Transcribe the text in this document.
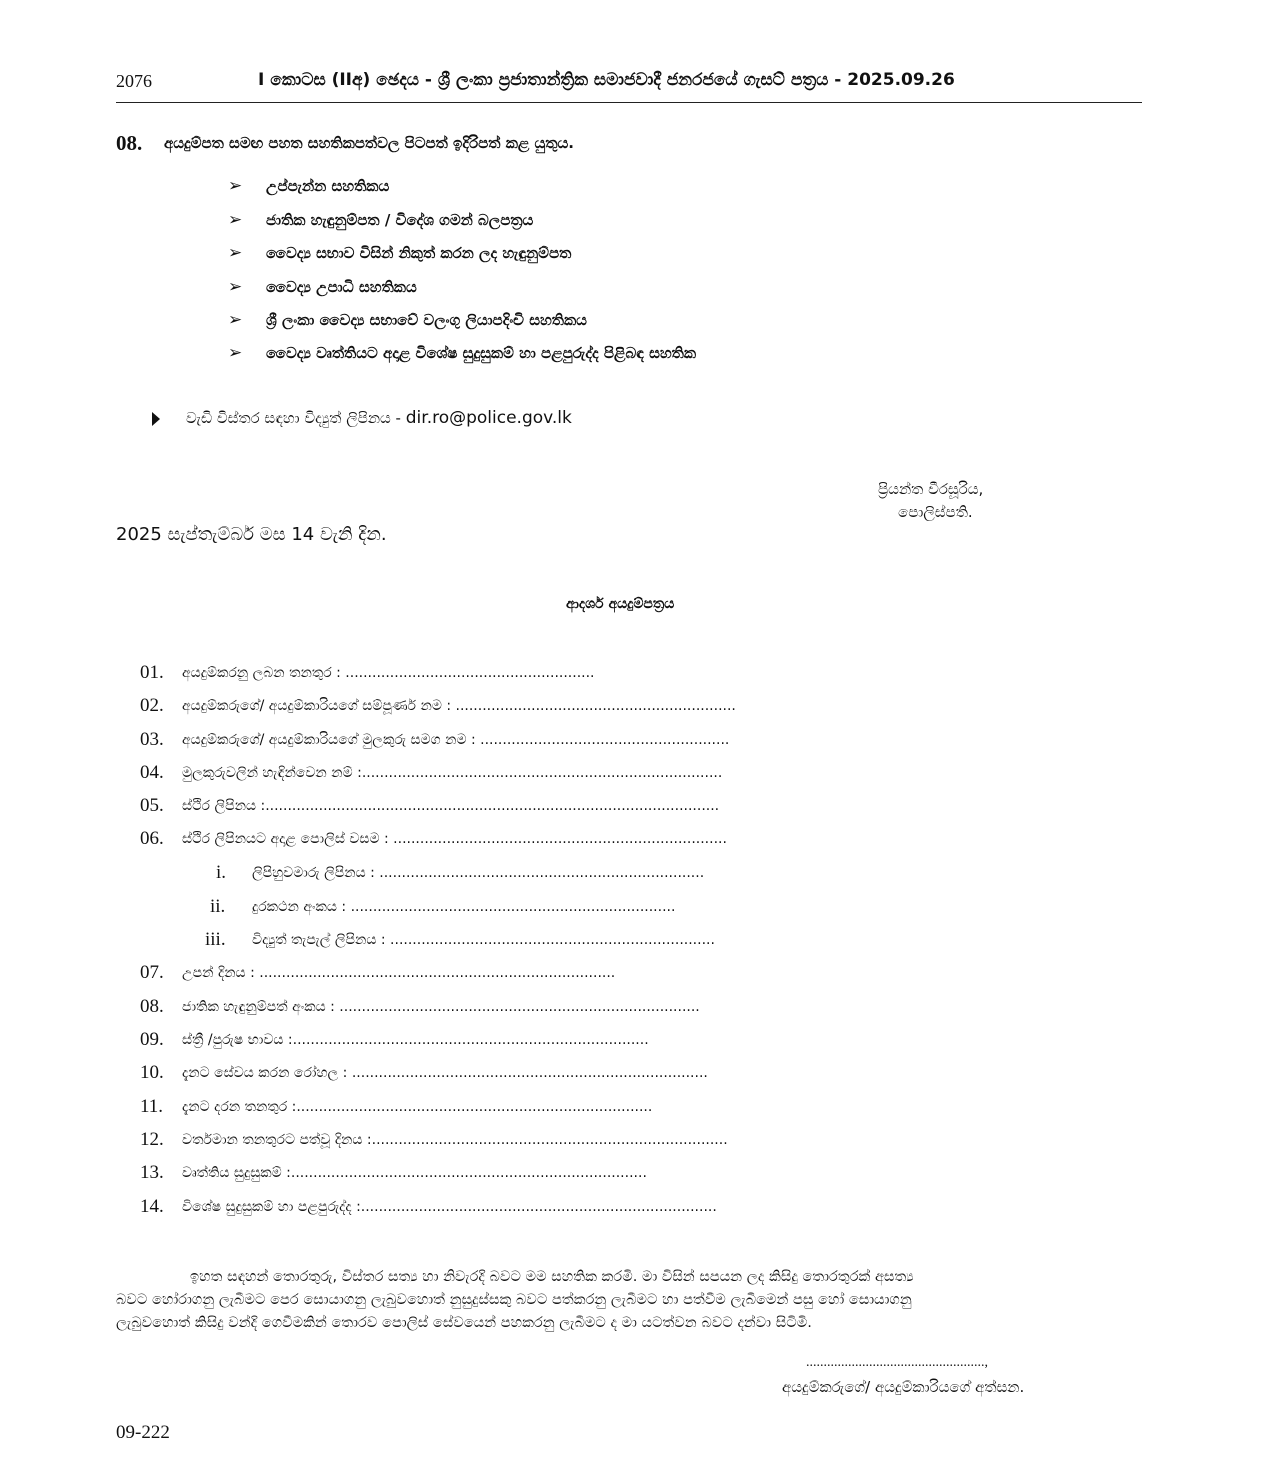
2076	I කොටස (IIඅ) ඡෙදය - ශ්‍රී ලංකා ප්‍රජාතාන්ත්‍රික සමාජවාදී ජනරජයේ ගැසට් පත්‍රය - 2025.09.26
08. අයදුම්පත සමඟ පහත සහතිකපත්වල පිටපත් ඉදිරිපත් කළ යුතුය.
➢ උප්පැන්න සහතිකය
➢ ජාතික හැඳුනුම්පත / විදේශ ගමන් බලපත්‍රය
➢ වෛද්‍ය සභාව විසින් නිකුත් කරන ලද හැඳුනුම්පත
➢ වෛද්‍ය උපාධි සහතිකය
➢ ශ්‍රී ලංකා වෛද්‍ය සභාවේ වලංගු ලියාපදිංචි සහතිකය
➢ වෛද්‍ය වෘත්තියට අදාළ විශේෂ සුදුසුකම් හා පළපුරුද්ද පිළිබඳ සහතික
වැඩි විස්තර සඳහා විද්‍යුත් ලිපිනය - dir.ro@police.gov.lk
ප්‍රියන්ත වීරසූරිය,
පොලිස්පති.
2025 සැප්තැම්බර් මස 14 වැනි දින.
ආදර්ශ අයදුම්පත්‍රය
01. අයදුම්කරනු ලබන තනතුර : ........................................................
02. අයදුම්කරුගේ/ අයදුම්කාරියගේ සම්පූර්ණ නම : ...............................................................
03. අයදුම්කරුගේ/ අයදුම්කාරියගේ මුලකුරු සමග නම : ........................................................
04. මුලකුරුවලින් හැඳින්වෙන නම් :.................................................................................
05. ස්ථිර ලිපිනය :......................................................................................................
06. ස්ථිර ලිපිනයට අදාළ පොලිස් වසම : ...........................................................................
i. ලිපිහුවමාරු ලිපිනය : .........................................................................
ii. දුරකථන අංකය : .........................................................................
iii. විද්‍යුත් තැපැල් ලිපිනය : .........................................................................
07. උපන් දිනය : ................................................................................
08. ජාතික හැඳුනුම්පත් අංකය : .................................................................................
09. ස්ත්‍රී /පුරුෂ භාවය :................................................................................
10. දැනට සේවය කරන රෝහල : ................................................................................
11. දැනට දරන තනතුර :................................................................................
12. වර්තමාන තනතුරට පත්වූ දිනය :................................................................................
13. වෘත්තිය සුදුසුකම් :................................................................................
14. විශේෂ සුදුසුකම් හා පළපුරුද්ද :................................................................................
ඉහත සඳහන් තොරතුරු, විස්තර සත්‍ය හා නිවැරදි බවට මම සහතික කරමි. මා විසින් සපයන ලද කිසිදු තොරතුරක් අසත්‍ය
බවට හෝරාගනු ලැබීමට පෙර සොයාගනු ලැබුවහොත් නුසුදුස්සකු බවට පත්කරනු ලැබීමට හා පත්වීම ලැබීමෙන් පසු හෝ සොයාගනු
ලැබුවහොත් කිසිදු වන්දි ගෙවීමකින් තොරව පොලිස් සේවයෙන් පහකරනු ලැබීමට ද මා යටත්වන බවට දන්වා සිටිමි.
...................................................,
අයදුම්කරුගේ/ අයදුම්කාරියගේ අත්සන.
09-222
